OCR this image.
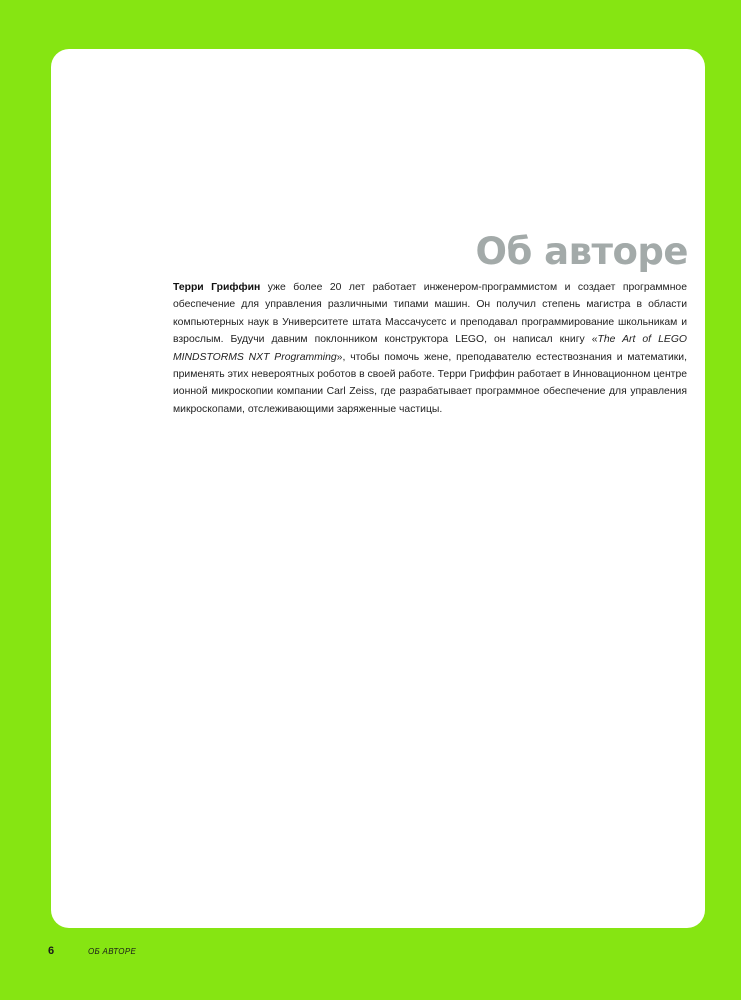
Об авторе

Терри Гриффин уже более 20 лет работает инженером-программистом и создает программное обеспечение для управления различными типами машин. Он получил степень магистра в области компьютерных наук в Университете штата Массачусетс и преподавал программирование школьникам и взрослым. Будучи давним поклонником конструктора LEGO, он написал книгу «The Art of LEGO MINDSTORMS NXT Programming», чтобы помочь жене, преподавателю естествознания и математики, применять этих невероятных роботов в своей работе. Терри Гриффин работает в Инновационном центре ионной микроскопии компании Carl Zeiss, где разрабатывает программное обеспечение для управления микроскопами, отслеживающими заряженные частицы.

6	ОБ АВТОРЕ
